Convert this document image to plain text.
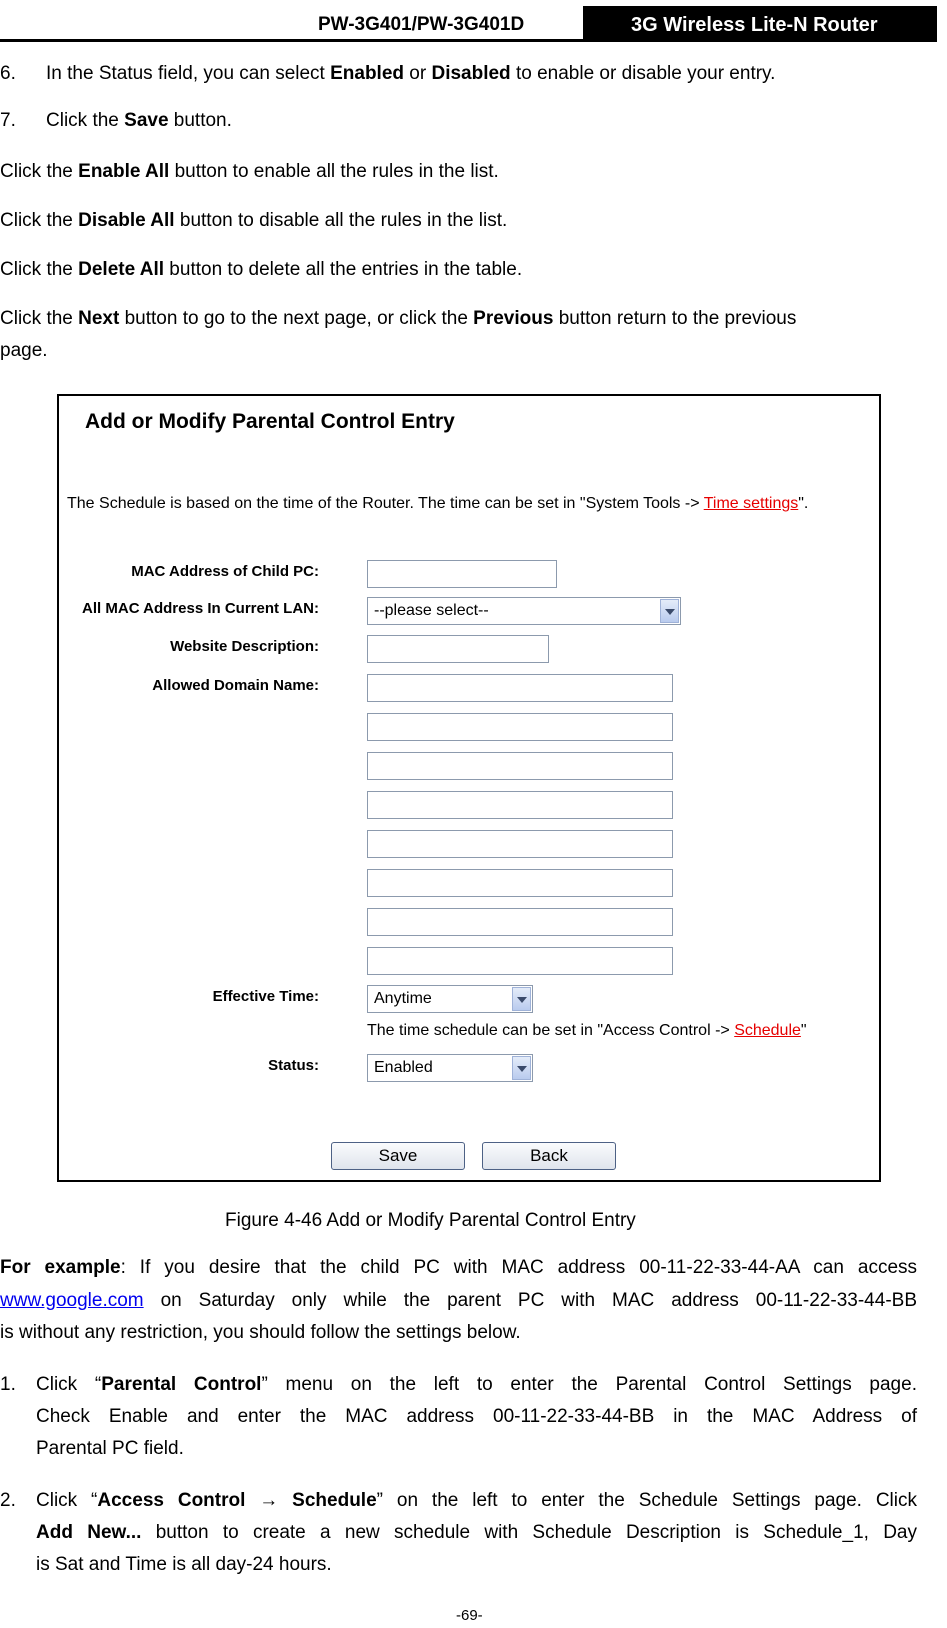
PW-3G401/PW-3G401D	3G Wireless Lite-N Router
6. In the Status field, you can select Enabled or Disabled to enable or disable your entry.
7. Click the Save button.
Click the Enable All button to enable all the rules in the list.
Click the Disable All button to disable all the rules in the list.
Click the Delete All button to delete all the entries in the table.
Click the Next button to go to the next page, or click the Previous button return to the previous
page.
Add or Modify Parental Control Entry
The Schedule is based on the time of the Router. The time can be set in "System Tools -> Time settings".
MAC Address of Child PC:
All MAC Address In Current LAN:	--please select--
Website Description:
Allowed Domain Name:
Effective Time:	Anytime
The time schedule can be set in "Access Control -> Schedule"
Status:	Enabled
Save	Back
Figure 4-46 Add or Modify Parental Control Entry
For example: If you desire that the child PC with MAC address 00-11-22-33-44-AA can access
www.google.com on Saturday only while the parent PC with MAC address 00-11-22-33-44-BB
is without any restriction, you should follow the settings below.
1. Click “Parental Control” menu on the left to enter the Parental Control Settings page.
Check Enable and enter the MAC address 00-11-22-33-44-BB in the MAC Address of
Parental PC field.
2. Click “Access Control → Schedule” on the left to enter the Schedule Settings page. Click
Add New... button to create a new schedule with Schedule Description is Schedule_1, Day
is Sat and Time is all day-24 hours.
-69-
